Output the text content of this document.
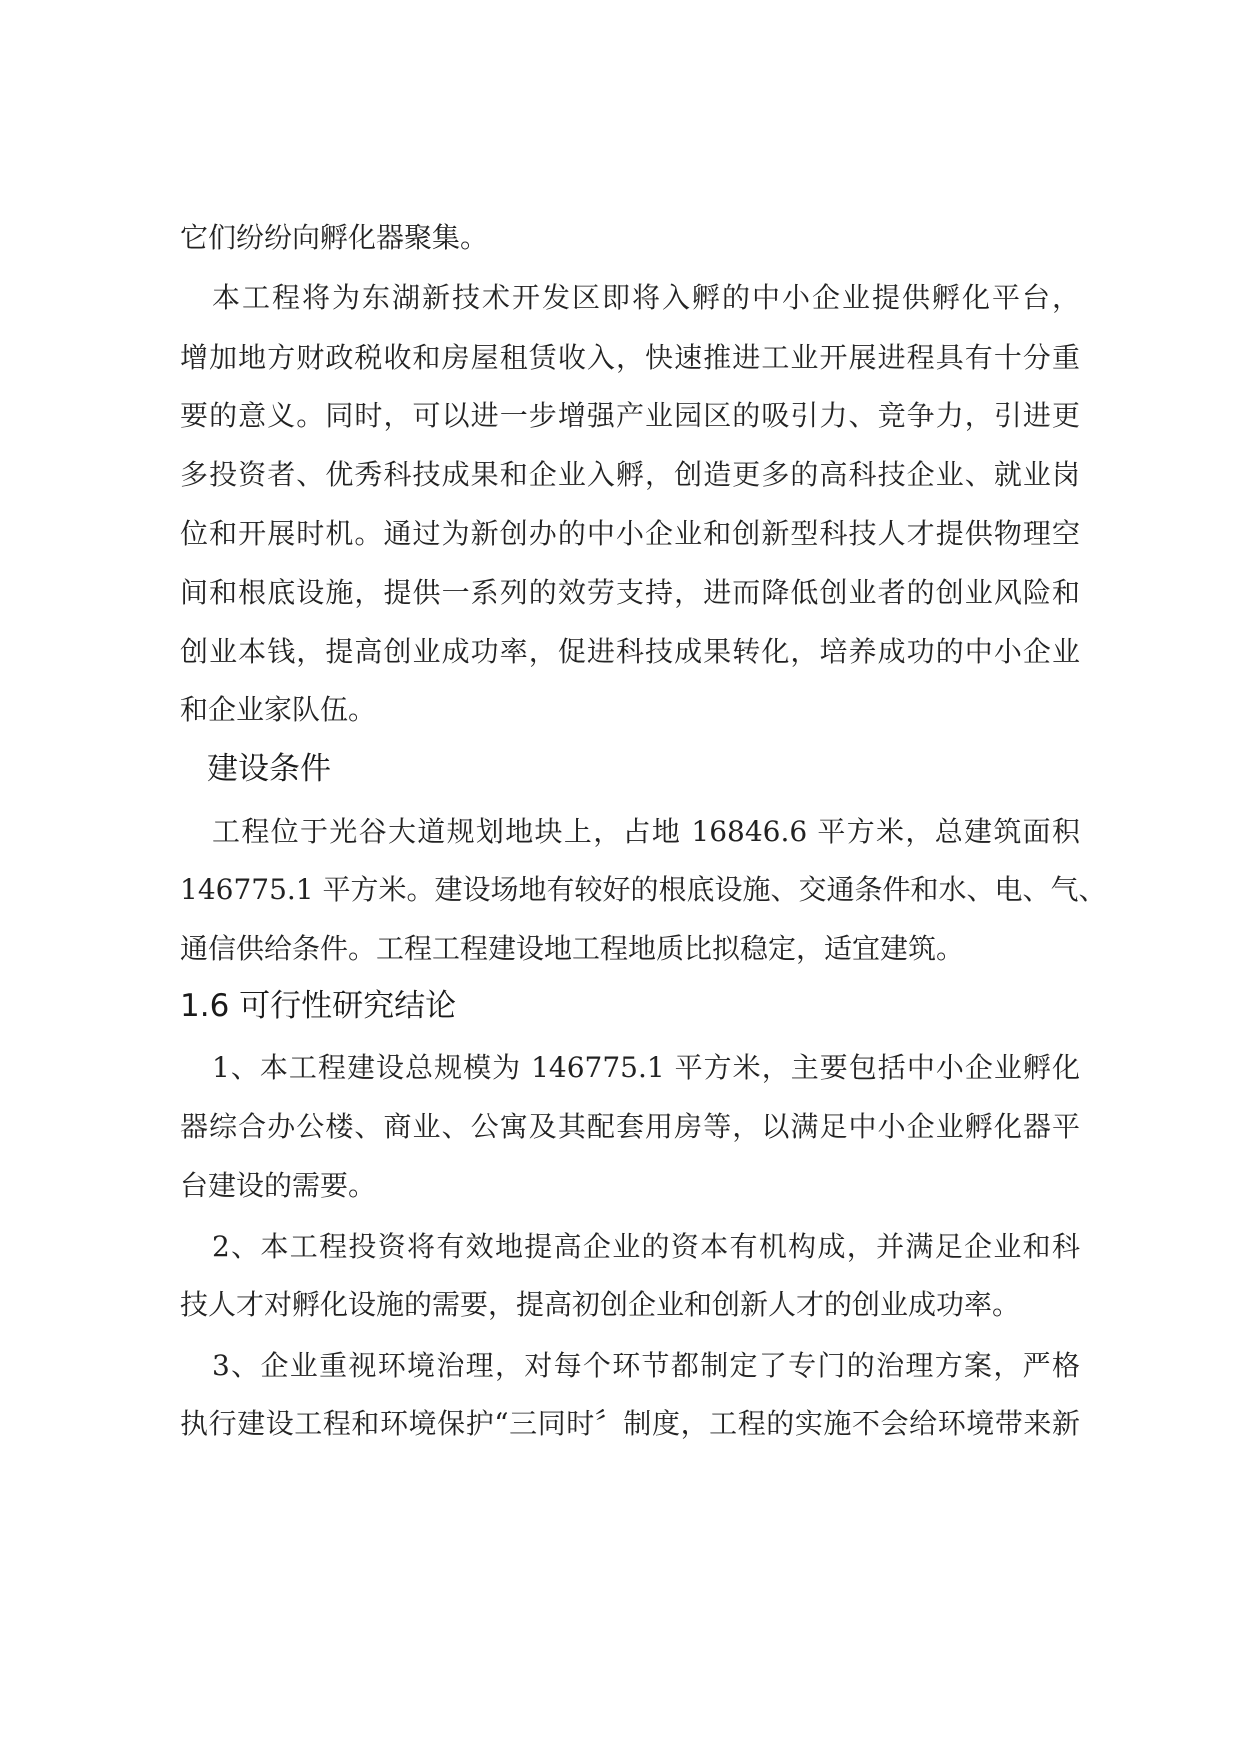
它们纷纷向孵化器聚集。
本工程将为东湖新技术开发区即将入孵的中小企业提供孵化平台，
增加地方财政税收和房屋租赁收入，快速推进工业开展进程具有十分重
要的意义。同时，可以进一步增强产业园区的吸引力、竞争力，引进更
多投资者、优秀科技成果和企业入孵，创造更多的高科技企业、就业岗
位和开展时机。通过为新创办的中小企业和创新型科技人才提供物理空
间和根底设施，提供一系列的效劳支持，进而降低创业者的创业风险和
创业本钱，提高创业成功率，促进科技成果转化，培养成功的中小企业
和企业家队伍。
建设条件
工程位于光谷大道规划地块上，占地 16846.6 平方米，总建筑面积
146775.1 平方米。建设场地有较好的根底设施、交通条件和水、电、气、
通信供给条件。工程工程建设地工程地质比拟稳定，适宜建筑。
1.6 可行性研究结论
1、本工程建设总规模为 146775.1 平方米，主要包括中小企业孵化
器综合办公楼、商业、公寓及其配套用房等，以满足中小企业孵化器平
台建设的需要。
2、本工程投资将有效地提高企业的资本有机构成，并满足企业和科
技人才对孵化设施的需要，提高初创企业和创新人才的创业成功率。
3、企业重视环境治理，对每个环节都制定了专门的治理方案，严格
执行建设工程和环境保护“三同时〞制度，工程的实施不会给环境带来新
